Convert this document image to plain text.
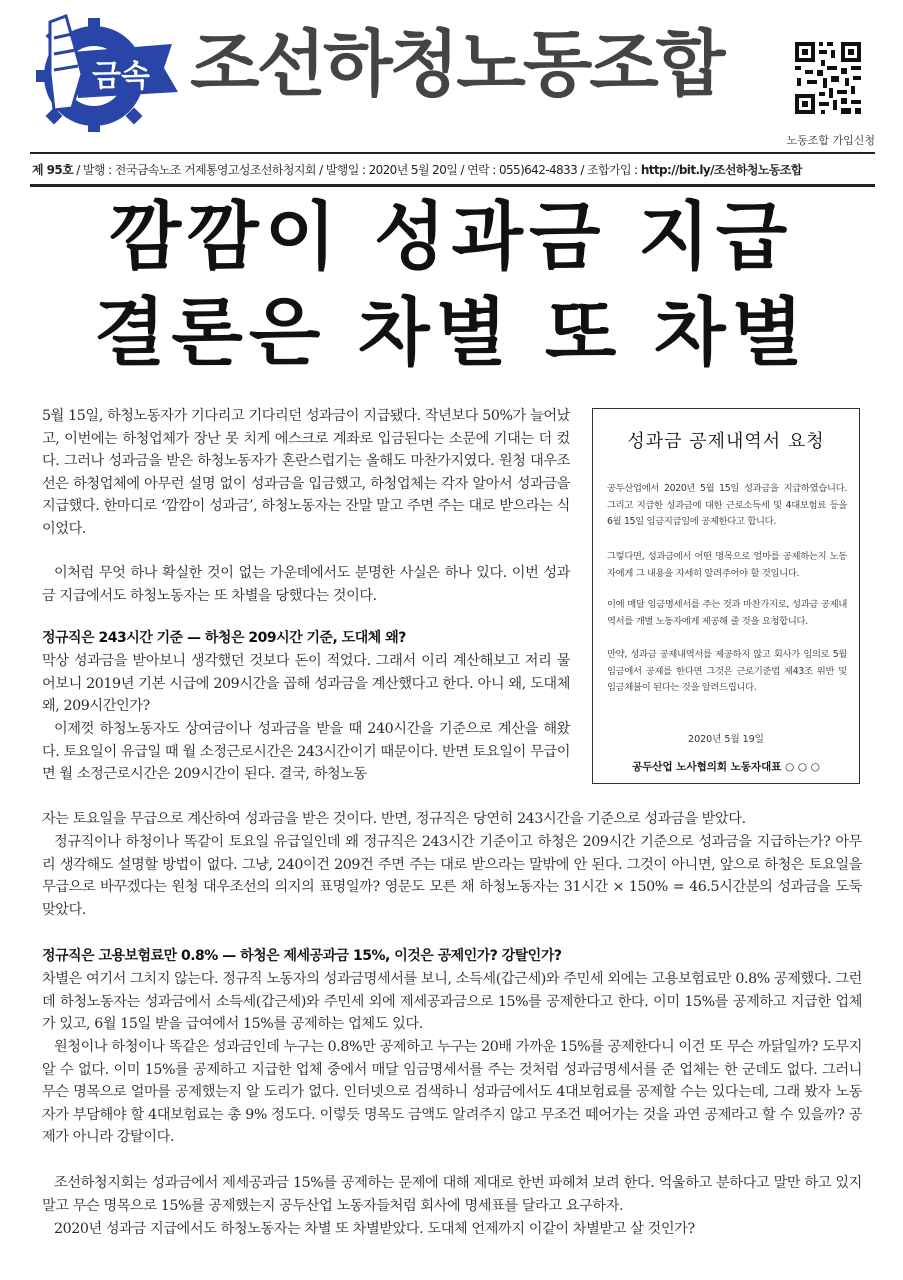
금속 조선하청노동조합
노동조합 가입신청
제 95호 / 발행 : 전국금속노조 거제통영고성조선하청지회 / 발행일 : 2020년 5월 20일 / 연락 : 055)642-4833 / 조합가입 : http://bit.ly/조선하청노동조합
깜깜이 성과금 지급
결론은 차별 또 차별

5월 15일, 하청노동자가 기다리고 기다리던 성과금이 지급됐다. 작년보다 50%가 늘어났고, 이번에는 하청업체가 장난 못 치게 에스크로 계좌로 입금된다는 소문에 기대는 더 컸다. 그러나 성과금을 받은 하청노동자가 혼란스럽기는 올해도 마찬가지였다. 원청 대우조선은 하청업체에 아무런 설명 없이 성과금을 입금했고, 하청업체는 각자 알아서 성과금을 지급했다. 한마디로 ‘깜깜이 성과금’, 하청노동자는 잔말 말고 주면 주는 대로 받으라는 식이었다.

이처럼 무엇 하나 확실한 것이 없는 가운데에서도 분명한 사실은 하나 있다. 이번 성과금 지급에서도 하청노동자는 또 차별을 당했다는 것이다.

정규직은 243시간 기준 — 하청은 209시간 기준, 도대체 왜?

막상 성과금을 받아보니 생각했던 것보다 돈이 적었다. 그래서 이리 계산해보고 저리 물어보니 2019년 기본 시급에 209시간을 곱해 성과금을 계산했다고 한다. 아니 왜, 도대체 왜, 209시간인가?

이제껏 하청노동자도 상여금이나 성과금을 받을 때 240시간을 기준으로 계산을 해왔다. 토요일이 유급일 때 월 소정근로시간은 243시간이기 때문이다. 반면 토요일이 무급이면 월 소정근로시간은 209시간이 된다. 결국, 하청노동

자는 토요일을 무급으로 계산하여 성과금을 받은 것이다. 반면, 정규직은 당연히 243시간을 기준으로 성과금을 받았다.

정규직이나 하청이나 똑같이 토요일 유급일인데 왜 정규직은 243시간 기준이고 하청은 209시간 기준으로 성과금을 지급하는가? 아무리 생각해도 설명할 방법이 없다. 그냥, 240이건 209건 주면 주는 대로 받으라는 말밖에 안 된다. 그것이 아니면, 앞으로 하청은 토요일을 무급으로 바꾸겠다는 원청 대우조선의 의지의 표명일까? 영문도 모른 채 하청노동자는 31시간 × 150% = 46.5시간분의 성과금을 도둑맞았다.

정규직은 고용보험료만 0.8% — 하청은 제세공과금 15%, 이것은 공제인가? 강탈인가?

차별은 여기서 그치지 않는다. 정규직 노동자의 성과금명세서를 보니, 소득세(갑근세)와 주민세 외에는 고용보험료만 0.8% 공제했다. 그런데 하청노동자는 성과금에서 소득세(갑근세)와 주민세 외에 제세공과금으로 15%를 공제한다고 한다. 이미 15%를 공제하고 지급한 업체가 있고, 6월 15일 받을 급여에서 15%를 공제하는 업체도 있다.

원청이나 하청이나 똑같은 성과금인데 누구는 0.8%만 공제하고 누구는 20배 가까운 15%를 공제한다니 이건 또 무슨 까닭일까? 도무지 알 수 없다. 이미 15%를 공제하고 지급한 업체 중에서 매달 임금명세서를 주는 것처럼 성과금명세서를 준 업체는 한 군데도 없다. 그러니 무슨 명목으로 얼마를 공제했는지 알 도리가 없다. 인터넷으로 검색하니 성과금에서도 4대보험료를 공제할 수는 있다는데, 그래 봤자 노동자가 부담해야 할 4대보험료는 총 9% 정도다. 이렇듯 명목도 금액도 알려주지 않고 무조건 떼어가는 것을 과연 공제라고 할 수 있을까? 공제가 아니라 강탈이다.

조선하청지회는 성과금에서 제세공과금 15%를 공제하는 문제에 대해 제대로 한번 파헤쳐 보려 한다. 억울하고 분하다고 말만 하고 있지 말고 무슨 명목으로 15%를 공제했는지 공두산업 노동자들처럼 회사에 명세표를 달라고 요구하자.

2020년 성과금 지급에서도 하청노동자는 차별 또 차별받았다. 도대체 언제까지 이같이 차별받고 살 것인가?

성과금 공제내역서 요청

공두산업에서 2020년 5월 15일 성과금을 지급하였습니다. 그리고 지급한 성과금에 대한 근로소득세 및 4대보험료 등을 6월 15일 임금지급일에 공제한다고 합니다.

그렇다면, 성과금에서 어떤 명목으로 얼마를 공제하는지 노동자에게 그 내용을 자세히 알려주어야 할 것입니다.

이에 매달 임금명세서를 주는 것과 마찬가지로, 성과금 공제내역서를 개별 노동자에게 제공해 줄 것을 요청합니다.

만약, 성과금 공제내역서를 제공하지 않고 회사가 임의로 5월 임금에서 공제를 한다면 그것은 근로기준법 제43조 위반 및 임금체불이 된다는 것을 알려드립니다.

2020년 5월 19일
공두산업 노사협의회 노동자대표 ○ ○ ○
